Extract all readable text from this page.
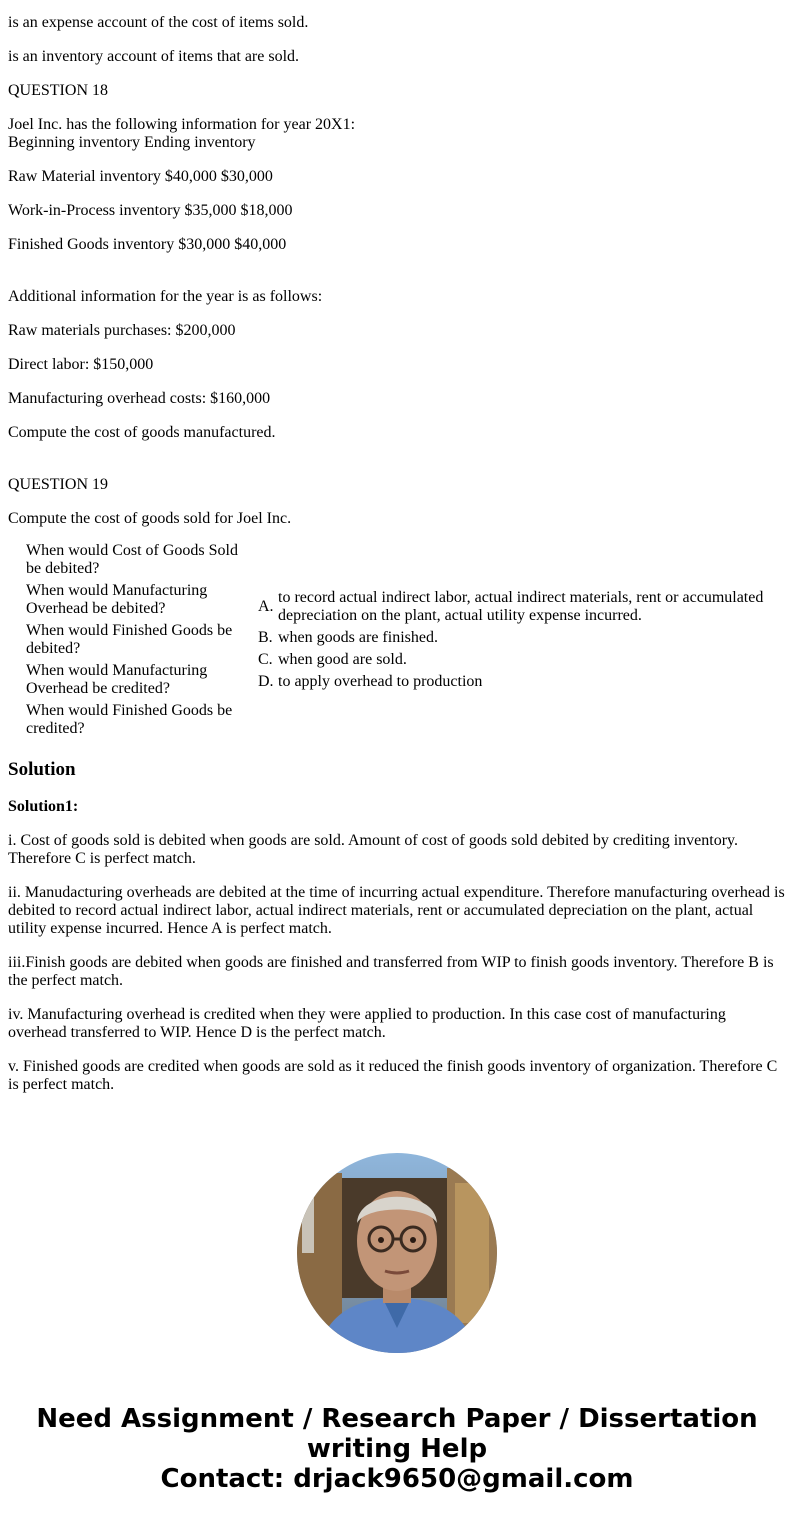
is an expense account of the cost of items sold.

is an inventory account of items that are sold.

QUESTION 18

Joel Inc. has the following information for year 20X1:
Beginning inventory Ending inventory

Raw Material inventory $40,000 $30,000

Work-in-Process inventory $35,000 $18,000

Finished Goods inventory $30,000 $40,000

Additional information for the year is as follows:

Raw materials purchases: $200,000

Direct labor: $150,000

Manufacturing overhead costs: $160,000

Compute the cost of goods manufactured.

QUESTION 19

Compute the cost of goods sold for Joel Inc.

When would Cost of Goods Sold be debited?
When would Manufacturing Overhead be debited?
When would Finished Goods be debited?
When would Manufacturing Overhead be credited?
When would Finished Goods be credited?
A.
to record actual indirect labor, actual indirect materials, rent or accumulated depreciation on the plant, actual utility expense incurred.
B. when goods are finished.
C. when good are sold.
D. to apply overhead to production
Solution

Solution1:

i. Cost of goods sold is debited when goods are sold. Amount of cost of goods sold debited by crediting inventory. Therefore C is perfect match.

ii. Manudacturing overheads are debited at the time of incurring actual expenditure. Therefore manufacturing overhead is debited to record actual indirect labor, actual indirect materials, rent or accumulated depreciation on the plant, actual utility expense incurred. Hence A is perfect match.

iii.Finish goods are debited when goods are finished and transferred from WIP to finish goods inventory. Therefore B is the perfect match.

iv. Manufacturing overhead is credited when they were applied to production. In this case cost of manufacturing overhead transferred to WIP. Hence D is the perfect match.

v. Finished goods are credited when goods are sold as it reduced the finish goods inventory of organization. Therefore C is perfect match.

Need Assignment / Research Paper / Dissertation
writing Help
Contact: drjack9650@gmail.com
